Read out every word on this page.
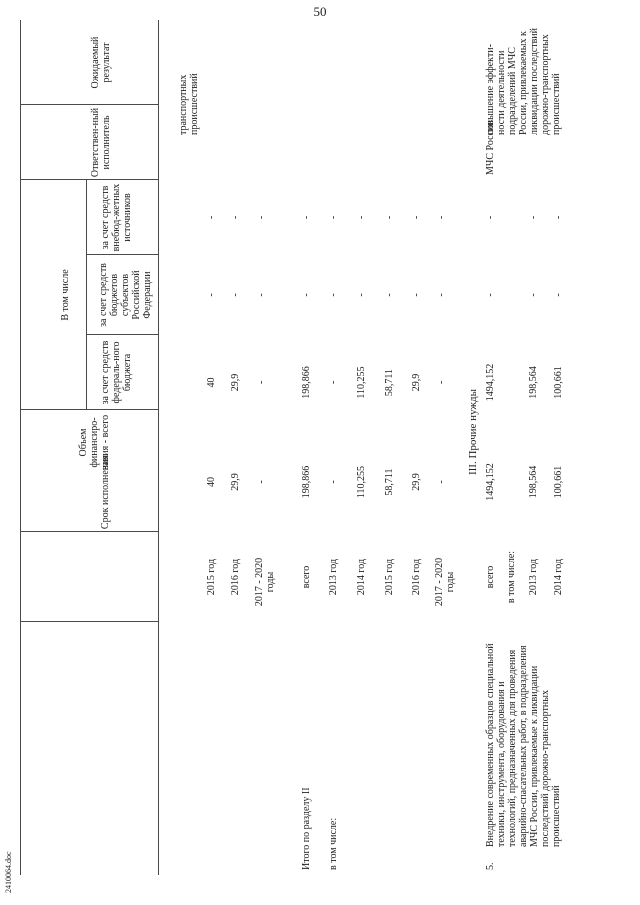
50
2410064.doc
Срок исполнения
Объем финансиро-вания - всего
В том числе
за счет средств федераль-ного бюджета
за счет средств бюджетов субъектов Российской Федерации
за счет средств внебюд-жетных источников
Ответствен-ный исполнитель
Ожидаемый результат
транспортных происшествий
2015 год
40
40
-
-
2016 год
29,9
29,9
-
-
2017 - 2020 годы
-
-
-
-
Итого по разделу II в том числе:
всего
198,866
198,866
-
-
2013 год
-
-
-
-
2014 год
110,255
110,255
-
-
2015 год
58,711
58,711
-
-
2016 год
29,9
29,9
-
-
2017 - 2020 годы
-
-
-
-
III. Прочие нужды
5.
Внедрение современных образцов специальной техники, инструмента, оборудования и технологий, предназначенных для проведения аварийно-спасательных работ, в подразделения МЧС России, привлекаемые к ликвидации последствий дорожно-транспортных происшествий
всего
1494,152
1494,152
-
-
в том числе: 2013 год
198,564
198,564
-
-
2014 год
100,661
100,661
-
-
МЧС России
повышение эффекти-ности деятельности подразделений МЧС России, привлекаемых к ликвидации последствий дорожно-транспортных происшествий
